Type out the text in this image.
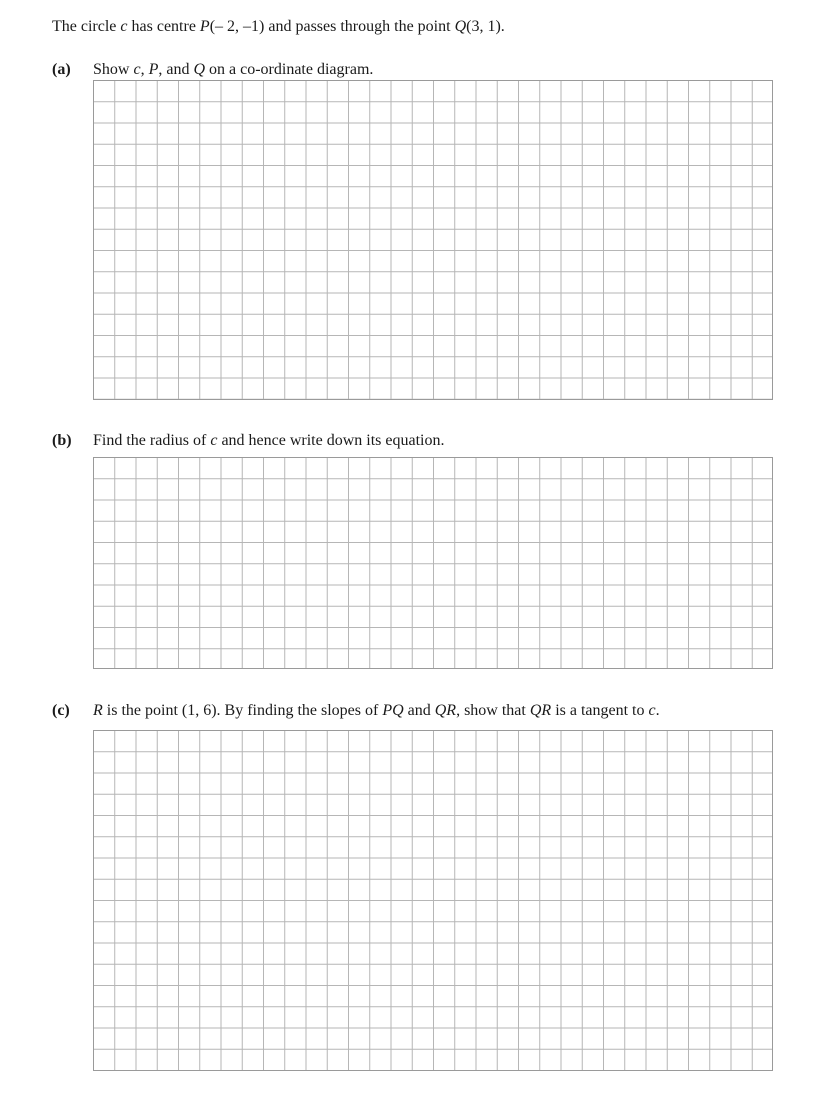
The circle c has centre P(– 2, –1) and passes through the point Q(3, 1).
(a) Show c, P, and Q on a co-ordinate diagram.
(b) Find the radius of c and hence write down its equation.
(c) R is the point (1, 6). By finding the slopes of PQ and QR, show that QR is a tangent to c.
